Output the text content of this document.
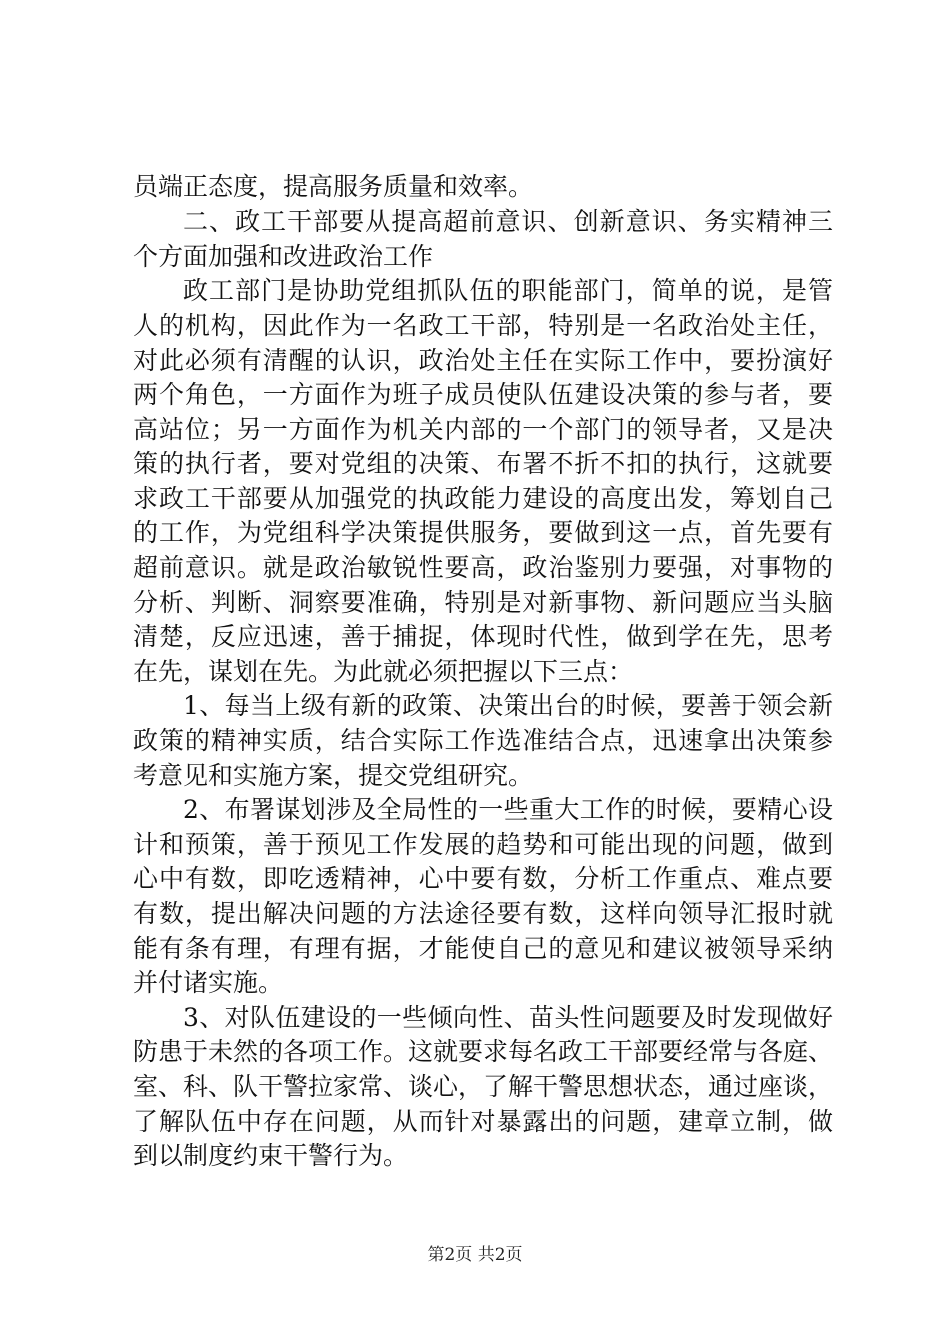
员端正态度，提高服务质量和效率。
二、政工干部要从提高超前意识、创新意识、务实精神三
个方面加强和改进政治工作
政工部门是协助党组抓队伍的职能部门，简单的说，是管
人的机构，因此作为一名政工干部，特别是一名政治处主任，
对此必须有清醒的认识，政治处主任在实际工作中，要扮演好
两个角色，一方面作为班子成员使队伍建设决策的参与者，要
高站位；另一方面作为机关内部的一个部门的领导者，又是决
策的执行者，要对党组的决策、布署不折不扣的执行，这就要
求政工干部要从加强党的执政能力建设的高度出发，筹划自己
的工作，为党组科学决策提供服务，要做到这一点，首先要有
超前意识。就是政治敏锐性要高，政治鉴别力要强，对事物的
分析、判断、洞察要准确，特别是对新事物、新问题应当头脑
清楚，反应迅速，善于捕捉，体现时代性，做到学在先，思考
在先，谋划在先。为此就必须把握以下三点：
1、每当上级有新的政策、决策出台的时候，要善于领会新
政策的精神实质，结合实际工作选准结合点，迅速拿出决策参
考意见和实施方案，提交党组研究。
2、布署谋划涉及全局性的一些重大工作的时候，要精心设
计和预策，善于预见工作发展的趋势和可能出现的问题，做到
心中有数，即吃透精神，心中要有数，分析工作重点、难点要
有数，提出解决问题的方法途径要有数，这样向领导汇报时就
能有条有理，有理有据，才能使自己的意见和建议被领导采纳
并付诸实施。
3、对队伍建设的一些倾向性、苗头性问题要及时发现做好
防患于未然的各项工作。这就要求每名政工干部要经常与各庭、
室、科、队干警拉家常、谈心，了解干警思想状态，通过座谈，
了解队伍中存在问题，从而针对暴露出的问题，建章立制，做
到以制度约束干警行为。
第2页 共2页
